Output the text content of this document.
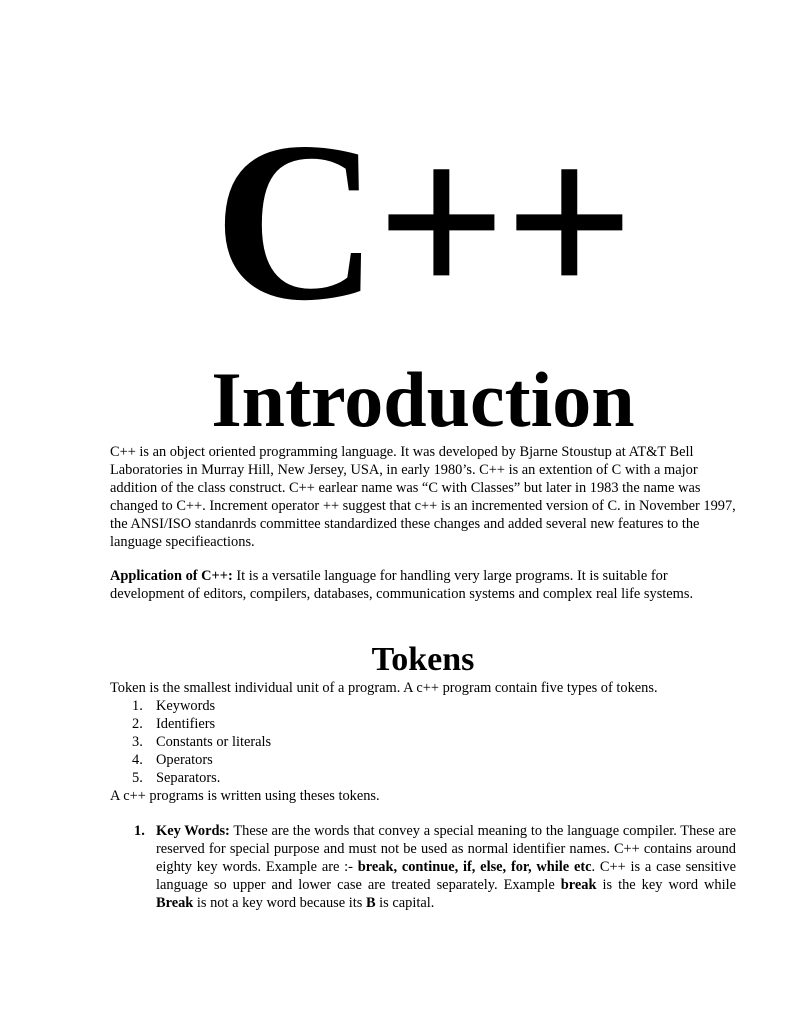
C++
Introduction

C++ is an object oriented programming language. It was developed by Bjarne Stoustup at AT&T Bell Laboratories in Murray Hill, New Jersey, USA, in early 1980’s. C++ is an extention of C with a major addition of the class construct. C++ earlear name was “C with Classes” but later in 1983 the name was changed to C++. Increment operator ++ suggest that c++ is an incremented version of C. in November 1997, the ANSI/ISO standanrds committee standardized these changes and added several new features to the language specifieactions.

Application of C++: It is a versatile language for handling very large programs. It is suitable for development of editors, compilers, databases, communication systems and complex real life systems.

Tokens

Token is the smallest individual unit of a program. A c++ program contain five types of tokens.

1. Keywords
2. Identifiers
3. Constants or literals
4. Operators
5. Separators.

A c++ programs is written using theses tokens.

1. Key Words: These are the words that convey a special meaning to the language compiler. These are reserved for special purpose and must not be used as normal identifier names. C++ contains around eighty key words. Example are :- break, continue, if, else, for, while etc. C++ is a case sensitive language so upper and lower case are treated separately. Example break is the key word while Break is not a key word because its B is capital.
